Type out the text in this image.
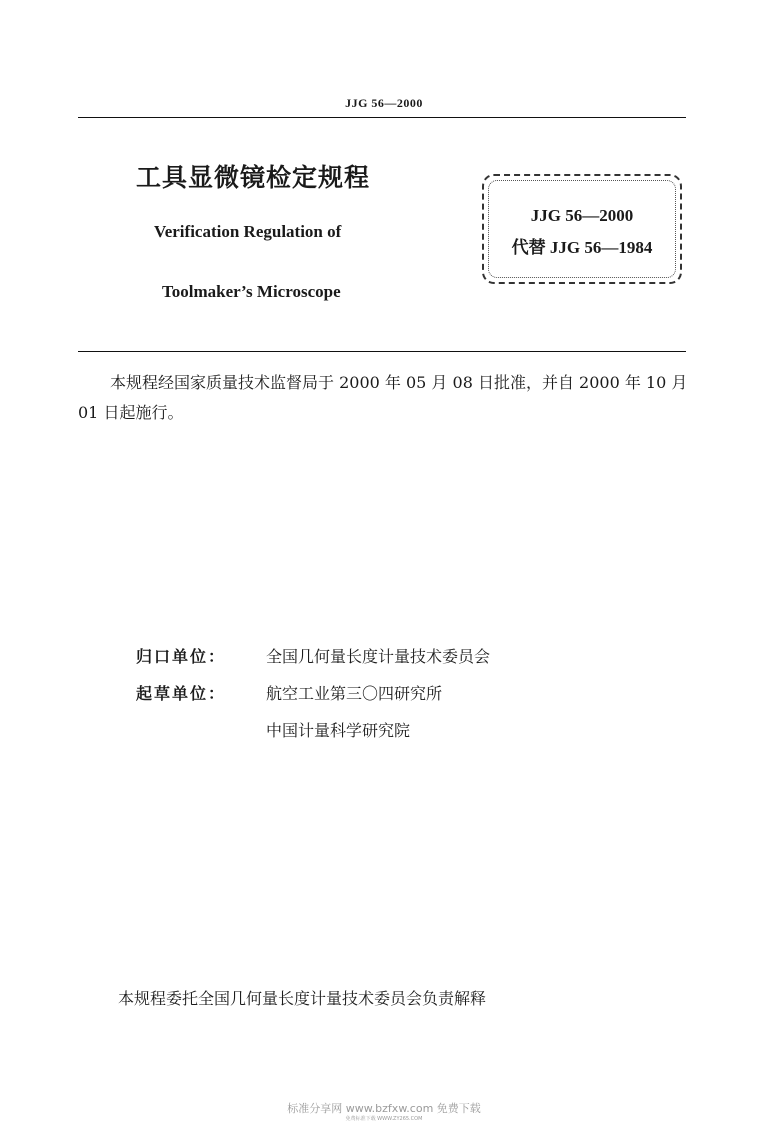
JJG 56—2000
工具显微镜检定规程
Verification Regulation of
Toolmaker’s Microscope
JJG 56—2000
代替 JJG 56—1984
本规程经国家质量技术监督局于 2000 年 05 月 08 日批准，并自 2000 年 10 月 01 日起施行。
归口单位： 全国几何量长度计量技术委员会
起草单位： 航空工业第三〇四研究所
中国计量科学研究院
本规程委托全国几何量长度计量技术委员会负责解释
标准分享网 www.bzfxw.com 免费下载
免费标准下载 WWW.ZY265.COM
